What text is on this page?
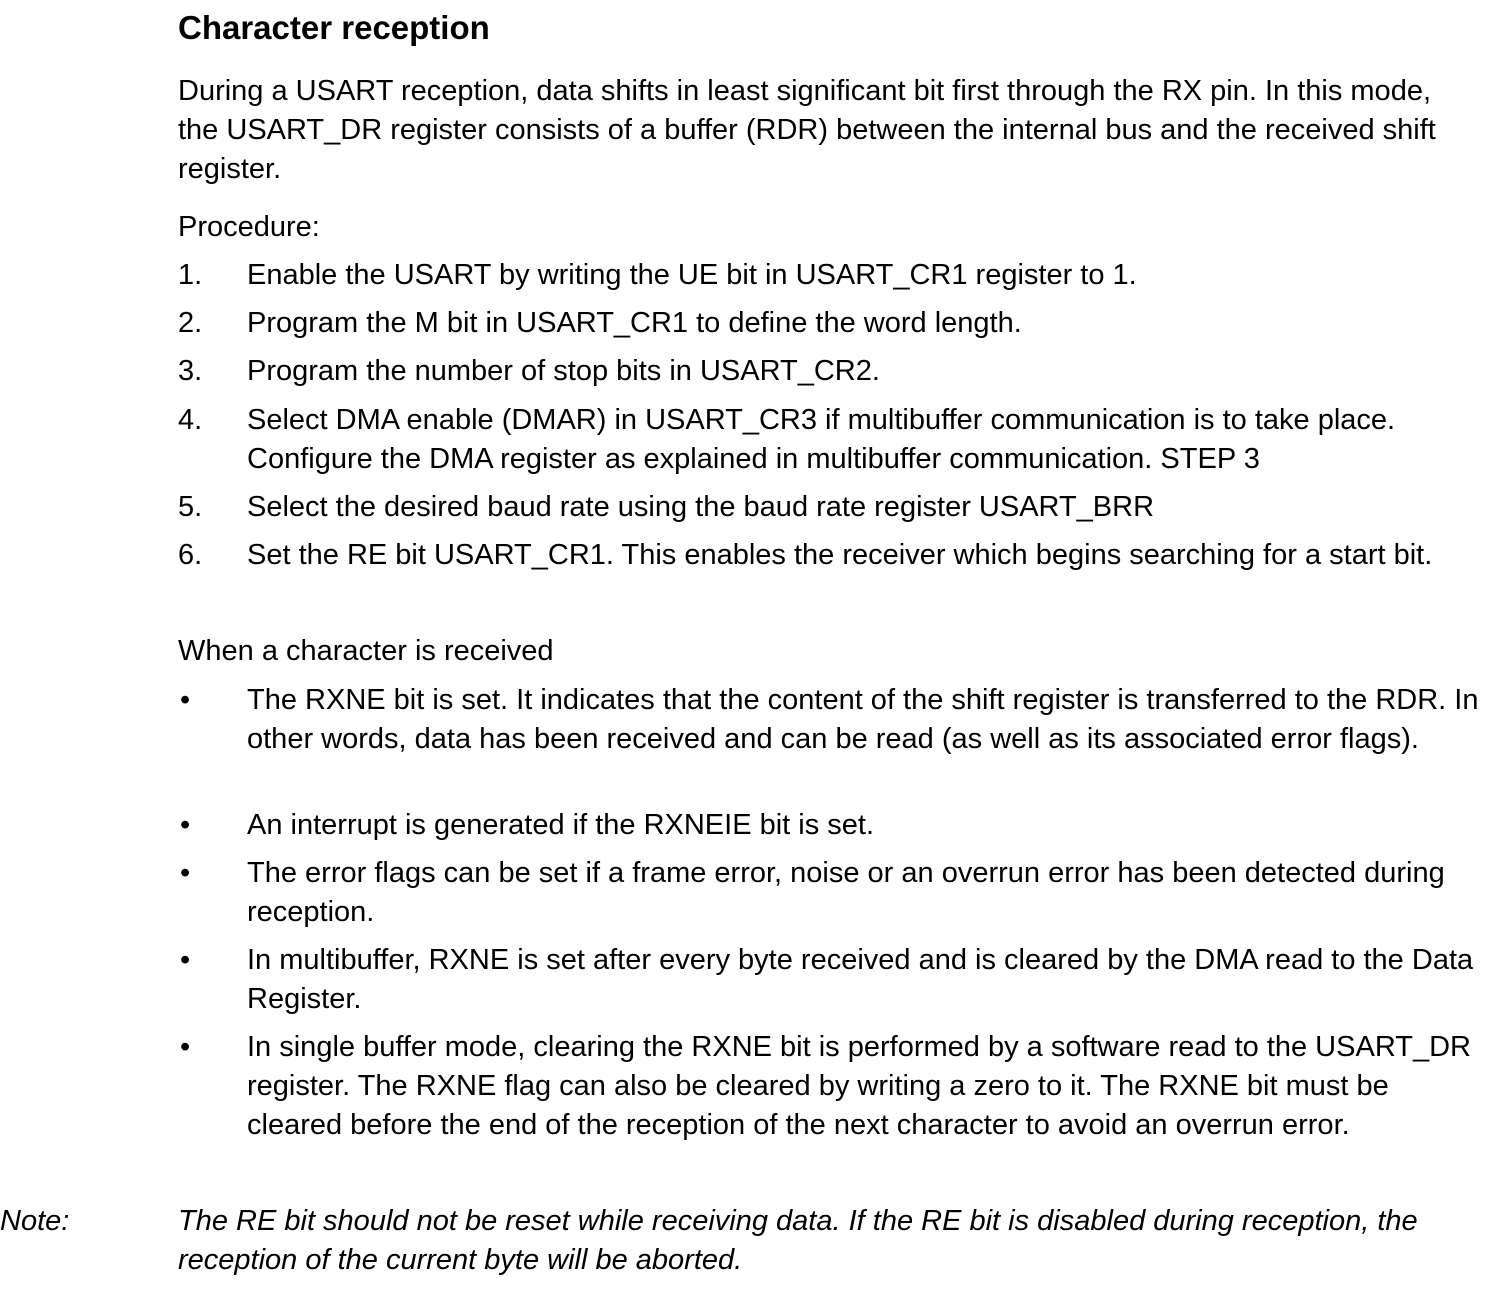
Character reception

During a USART reception, data shifts in least significant bit first through the RX pin. In this mode, the USART_DR register consists of a buffer (RDR) between the internal bus and the received shift register.

Procedure:

1. Enable the USART by writing the UE bit in USART_CR1 register to 1.
2. Program the M bit in USART_CR1 to define the word length.
3. Program the number of stop bits in USART_CR2.
4. Select DMA enable (DMAR) in USART_CR3 if multibuffer communication is to take place. Configure the DMA register as explained in multibuffer communication. STEP 3
5. Select the desired baud rate using the baud rate register USART_BRR
6. Set the RE bit USART_CR1. This enables the receiver which begins searching for a start bit.

When a character is received

• The RXNE bit is set. It indicates that the content of the shift register is transferred to the RDR. In other words, data has been received and can be read (as well as its associated error flags).
• An interrupt is generated if the RXNEIE bit is set.
• The error flags can be set if a frame error, noise or an overrun error has been detected during reception.
• In multibuffer, RXNE is set after every byte received and is cleared by the DMA read to the Data Register.
• In single buffer mode, clearing the RXNE bit is performed by a software read to the USART_DR register. The RXNE flag can also be cleared by writing a zero to it. The RXNE bit must be cleared before the end of the reception of the next character to avoid an overrun error.
Note:	The RE bit should not be reset while receiving data. If the RE bit is disabled during reception, the reception of the current byte will be aborted.
